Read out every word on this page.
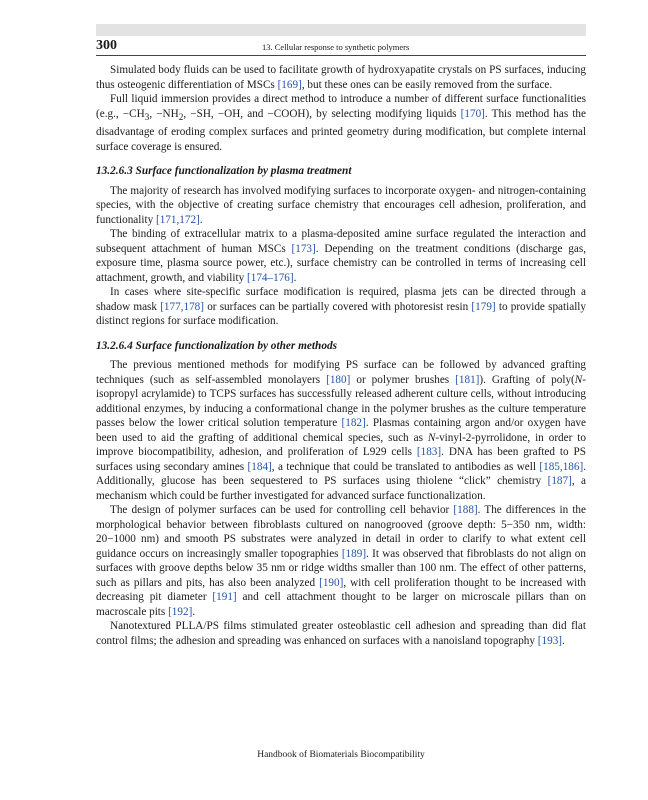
300	13. Cellular response to synthetic polymers

Simulated body fluids can be used to facilitate growth of hydroxyapatite crystals on PS surfaces, inducing thus osteogenic differentiation of MSCs [169], but these ones can be easily removed from the surface.

Full liquid immersion provides a direct method to introduce a number of different surface functionalities (e.g., $-CH_3$, $-NH_2$, −SH, −OH, and −COOH), by selecting modifying liquids [170]. This method has the disadvantage of eroding complex surfaces and printed geometry during modification, but complete internal surface coverage is ensured.

13.2.6.3 Surface functionalization by plasma treatment

The majority of research has involved modifying surfaces to incorporate oxygen- and nitrogen-containing species, with the objective of creating surface chemistry that encourages cell adhesion, proliferation, and functionality [171,172].

The binding of extracellular matrix to a plasma-deposited amine surface regulated the interaction and subsequent attachment of human MSCs [173]. Depending on the treatment conditions (discharge gas, exposure time, plasma source power, etc.), surface chemistry can be controlled in terms of increasing cell attachment, growth, and viability [174–176].

In cases where site-specific surface modification is required, plasma jets can be directed through a shadow mask [177,178] or surfaces can be partially covered with photoresist resin [179] to provide spatially distinct regions for surface modification.

13.2.6.4 Surface functionalization by other methods

The previous mentioned methods for modifying PS surface can be followed by advanced grafting techniques (such as self-assembled monolayers [180] or polymer brushes [181]). Grafting of poly(N-isopropyl acrylamide) to TCPS surfaces has successfully released adherent culture cells, without introducing additional enzymes, by inducing a conformational change in the polymer brushes as the culture temperature passes below the lower critical solution temperature [182]. Plasmas containing argon and/or oxygen have been used to aid the grafting of additional chemical species, such as N-vinyl-2-pyrrolidone, in order to improve biocompatibility, adhesion, and proliferation of L929 cells [183]. DNA has been grafted to PS surfaces using secondary amines [184], a technique that could be translated to antibodies as well [185,186]. Additionally, glucose has been sequestered to PS surfaces using thiolene “click” chemistry [187], a mechanism which could be further investigated for advanced surface functionalization.

The design of polymer surfaces can be used for controlling cell behavior [188]. The differences in the morphological behavior between fibroblasts cultured on nanogrooved (groove depth: 5−350 nm, width: 20−1000 nm) and smooth PS substrates were analyzed in detail in order to clarify to what extent cell guidance occurs on increasingly smaller topographies [189]. It was observed that fibroblasts do not align on surfaces with groove depths below 35 nm or ridge widths smaller than 100 nm. The effect of other patterns, such as pillars and pits, has also been analyzed [190], with cell proliferation thought to be increased with decreasing pit diameter [191] and cell attachment thought to be larger on microscale pillars than on macroscale pits [192].

Nanotextured PLLA/PS films stimulated greater osteoblastic cell adhesion and spreading than did flat control films; the adhesion and spreading was enhanced on surfaces with a nanoisland topography [193].

Handbook of Biomaterials Biocompatibility
